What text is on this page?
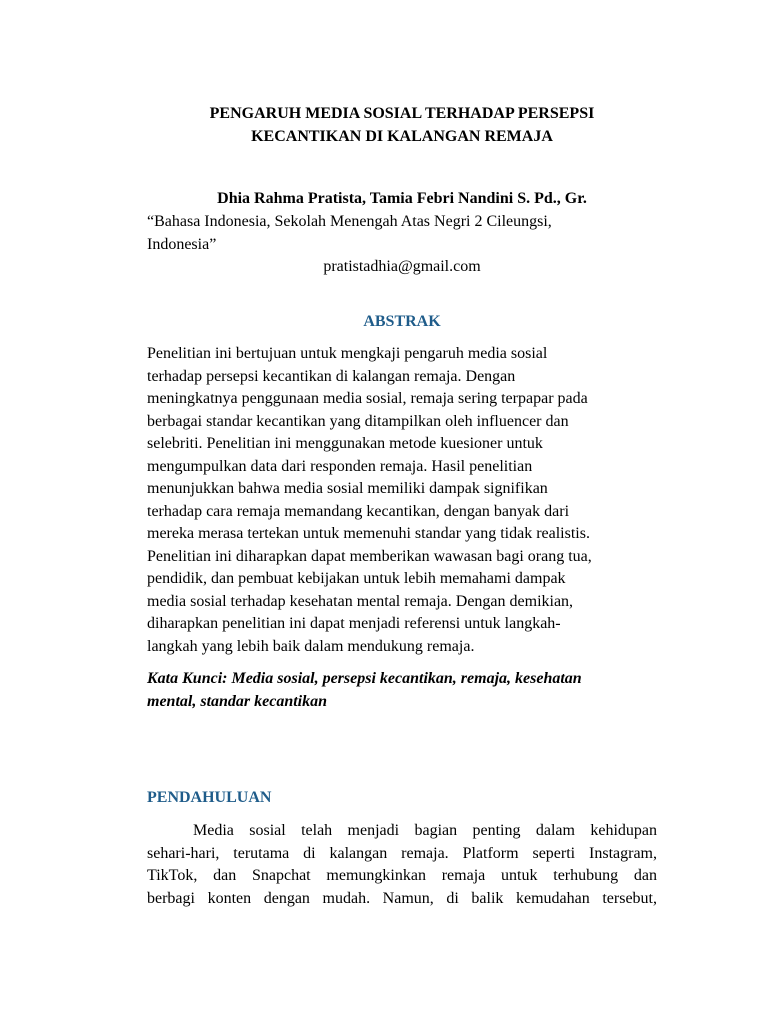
PENGARUH MEDIA SOSIAL TERHADAP PERSEPSI
KECANTIKAN DI KALANGAN REMAJA
Dhia Rahma Pratista, Tamia Febri Nandini S. Pd., Gr.
“Bahasa Indonesia, Sekolah Menengah Atas Negri 2 Cileungsi,
Indonesia”
pratistadhia@gmail.com
ABSTRAK
Penelitian ini bertujuan untuk mengkaji pengaruh media sosial
terhadap persepsi kecantikan di kalangan remaja. Dengan
meningkatnya penggunaan media sosial, remaja sering terpapar pada
berbagai standar kecantikan yang ditampilkan oleh influencer dan
selebriti. Penelitian ini menggunakan metode kuesioner untuk
mengumpulkan data dari responden remaja. Hasil penelitian
menunjukkan bahwa media sosial memiliki dampak signifikan
terhadap cara remaja memandang kecantikan, dengan banyak dari
mereka merasa tertekan untuk memenuhi standar yang tidak realistis.
Penelitian ini diharapkan dapat memberikan wawasan bagi orang tua,
pendidik, dan pembuat kebijakan untuk lebih memahami dampak
media sosial terhadap kesehatan mental remaja. Dengan demikian,
diharapkan penelitian ini dapat menjadi referensi untuk langkah-
langkah yang lebih baik dalam mendukung remaja.
Kata Kunci: Media sosial, persepsi kecantikan, remaja, kesehatan
mental, standar kecantikan
PENDAHULUAN
Media sosial telah menjadi bagian penting dalam kehidupan
sehari-hari, terutama di kalangan remaja. Platform seperti Instagram,
TikTok, dan Snapchat memungkinkan remaja untuk terhubung dan
berbagi konten dengan mudah. Namun, di balik kemudahan tersebut,
